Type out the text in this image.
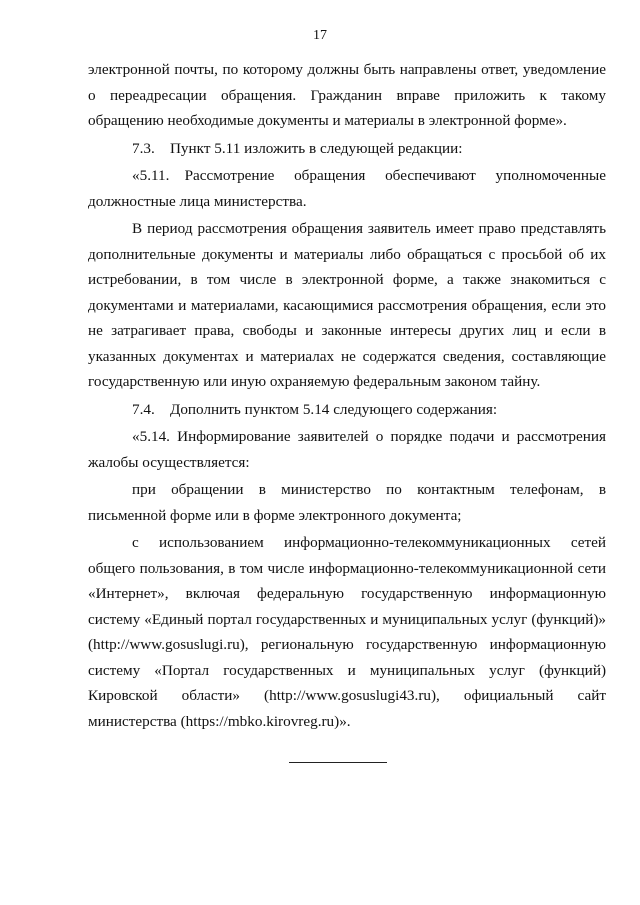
17

электронной почты, по которому должны быть направлены ответ, уведомление о переадресации обращения. Гражданин вправе приложить к такому обращению необходимые документы и материалы в электронной форме».

7.3. Пункт 5.11 изложить в следующей редакции:

«5.11. Рассмотрение обращения обеспечивают уполномоченные должностные лица министерства.

В период рассмотрения обращения заявитель имеет право представлять дополнительные документы и материалы либо обращаться с просьбой об их истребовании, в том числе в электронной форме, а также знакомиться с документами и материалами, касающимися рассмотрения обращения, если это не затрагивает права, свободы и законные интересы других лиц и если в указанных документах и материалах не содержатся сведения, составляющие государственную или иную охраняемую федеральным законом тайну.

7.4. Дополнить пунктом 5.14 следующего содержания:

«5.14. Информирование заявителей о порядке подачи и рассмотрения жалобы осуществляется:

при обращении в министерство по контактным телефонам, в письменной форме или в форме электронного документа;

с использованием информационно-телекоммуникационных сетей общего пользования, в том числе информационно-телекоммуникационной сети «Интернет», включая федеральную государственную информационную систему «Единый портал государственных и муниципальных услуг (функций)» (http://www.gosuslugi.ru), региональную государственную информационную систему «Портал государственных и муниципальных услуг (функций) Кировской области» (http://www.gosuslugi43.ru), официальный сайт министерства (https://mbko.kirovreg.ru)».
